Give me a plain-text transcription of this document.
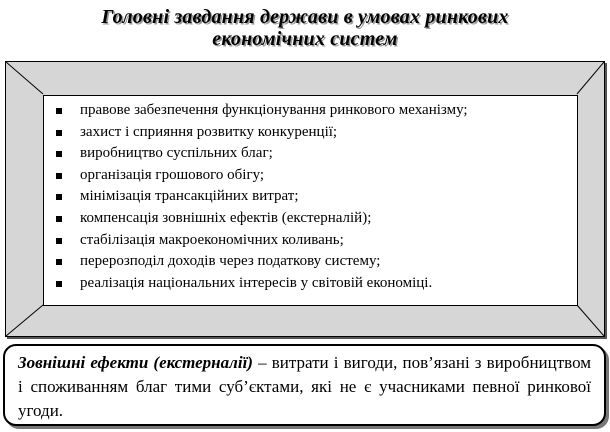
Головні завдання держави в умовах ринкових
економічних систем
правове забезпечення функціонування ринкового механізму;
захист і сприяння розвитку конкуренції;
виробництво суспільних благ;
організація грошового обігу;
мінімізація трансакційних витрат;
компенсація зовнішніх ефектів (екстерналій);
стабілізація макроекономічних коливань;
перерозподіл доходів через податкову систему;
реалізація національних інтересів у світовій економіці.
Зовнішні ефекти (екстерналії) – витрати і вигоди, пов’язані з виробництвом і споживанням благ тими суб’єктами, які не є учасниками певної ринкової угоди.
